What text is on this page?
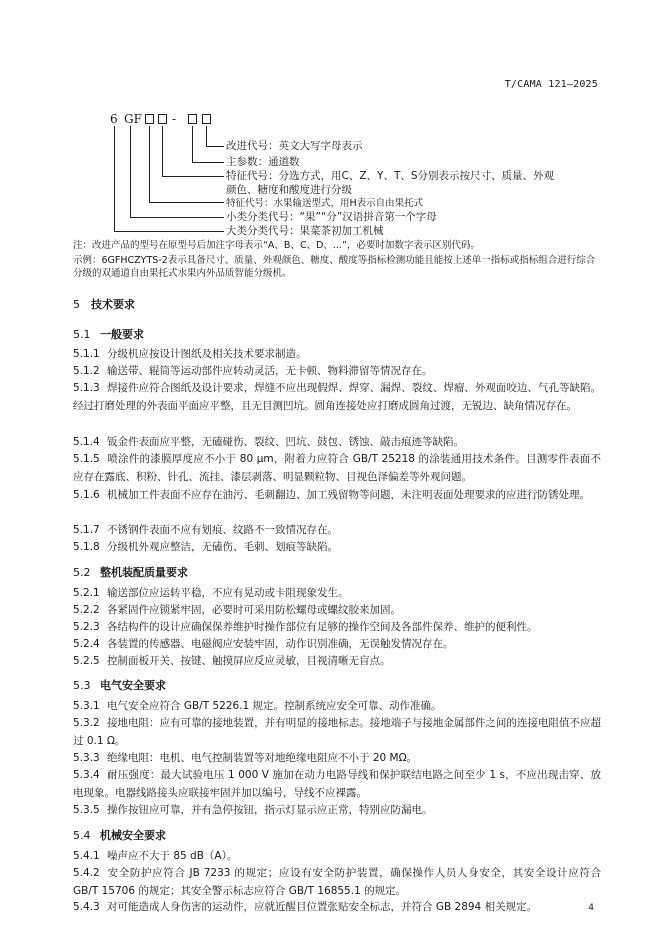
T/CAMA 121—2025
6 GF	-
改进代号：英文大写字母表示
主参数：通道数
特征代号：分选方式，用C、Z、Y、T、S分别表示按尺寸、质量、外观
颜色、糖度和酸度进行分级
特征代号：水果输送型式，用H表示自由果托式
小类分类代号：“果”“分”汉语拼音第一个字母
大类分类代号：果菜茶初加工机械
注：改进产品的型号在原型号后加注字母表示“A、B、C、D、...”，必要时加数字表示区别代码。
示例：6GFHCZYTS-2表示具备尺寸、质量、外观颜色、糖度、酸度等指标检测功能且能按上述单一指标或指标组合进行综合分级的双通道自由果托式水果内外品质智能分级机。
5 技术要求
5.1 一般要求
5.1.1 分级机应按设计图纸及相关技术要求制造。
5.1.2 输送带、辊筒等运动部件应转动灵活，无卡顿、物料滞留等情况存在。
5.1.3 焊接件应符合图纸及设计要求，焊缝不应出现假焊、焊穿、漏焊、裂纹、焊瘤、外观面咬边、气孔等缺陷。经过打磨处理的外表面平面应平整，且无目测凹坑。圆角连接处应打磨成圆角过渡，无锐边、缺角情况存在。
5.1.4 钣金件表面应平整，无磕碰伤、裂纹、凹坑、鼓包、锈蚀、敲击痕迹等缺陷。
5.1.5 喷涂件的漆膜厚度应不小于 80 μm，附着力应符合 GB/T 25218 的涂装通用技术条件。目测零件表面不应存在露底、积粉、针孔、流挂、漆层剥落、明显颗粒物、目视色泽偏差等外观问题。
5.1.6 机械加工件表面不应存在油污、毛刺翻边、加工残留物等问题，未注明表面处理要求的应进行防锈处理。
5.1.7 不锈钢件表面不应有划痕、纹路不一致情况存在。
5.1.8 分级机外观应整洁，无磕伤、毛刺、划痕等缺陷。
5.2 整机装配质量要求
5.2.1 输送部位应运转平稳，不应有晃动或卡阻现象发生。
5.2.2 各紧固件应锁紧牢固，必要时可采用防松螺母或螺纹胶来加固。
5.2.3 各结构件的设计应确保保养维护时操作部位有足够的操作空间及各部件保养、维护的便利性。
5.2.4 各装置的传感器、电磁阀应安装牢固，动作识别准确，无误触发情况存在。
5.2.5 控制面板开关、按键、触摸屏应反应灵敏，目视清晰无盲点。
5.3 电气安全要求
5.3.1 电气安全应符合 GB/T 5226.1 规定。控制系统应安全可靠、动作准确。
5.3.2 接地电阻：应有可靠的接地装置，并有明显的接地标志。接地端子与接地金属部件之间的连接电阻值不应超过 0.1 Ω。
5.3.3 绝缘电阻：电机、电气控制装置等对地绝缘电阻应不小于 20 MΩ。
5.3.4 耐压强度：最大试验电压 1 000 V 施加在动力电路导线和保护联结电路之间至少 1 s，不应出现击穿、放电现象。电器线路接头应联接牢固并加以编号，导线不应裸露。
5.3.5 操作按钮应可靠，并有急停按钮，指示灯显示应正常，特别应防漏电。
5.4 机械安全要求
5.4.1 噪声应不大于 85 dB（A）。
5.4.2 安全防护应符合 JB 7233 的规定；应设有安全防护装置，确保操作人员人身安全，其安全设计应符合 GB/T 15706 的规定；其安全警示标志应符合 GB/T 16855.1 的规定。
5.4.3 对可能造成人身伤害的运动件，应就近醒目位置张贴安全标志，并符合 GB 2894 相关规定。	4
